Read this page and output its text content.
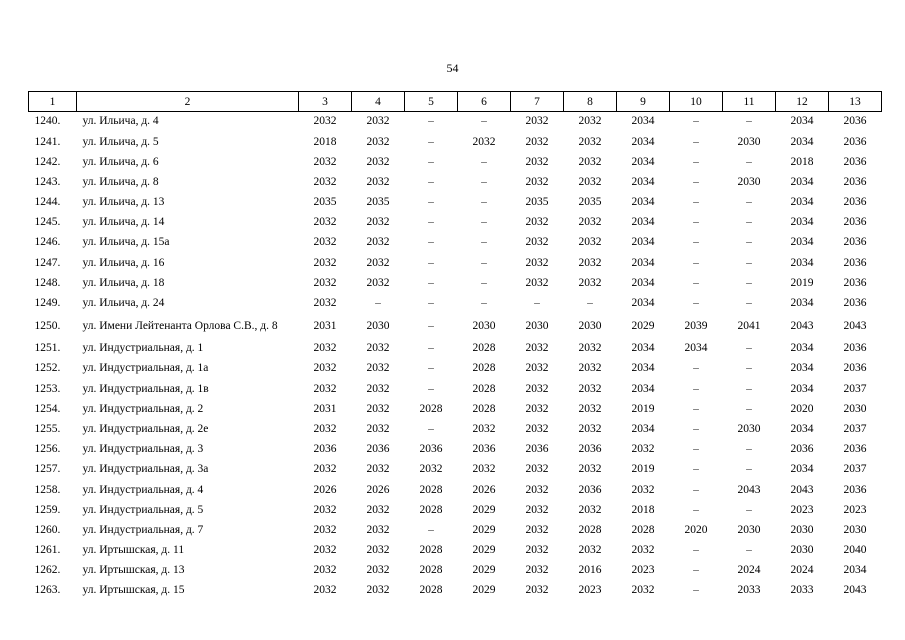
54
1	2	3	4	5	6	7	8	9	10	11	12	13
1240.	ул. Ильича, д. 4	2032	2032	–	–	2032	2032	2034	–	–	2034	2036
1241.	ул. Ильича, д. 5	2018	2032	–	2032	2032	2032	2034	–	2030	2034	2036
1242.	ул. Ильича, д. 6	2032	2032	–	–	2032	2032	2034	–	–	2018	2036
1243.	ул. Ильича, д. 8	2032	2032	–	–	2032	2032	2034	–	2030	2034	2036
1244.	ул. Ильича, д. 13	2035	2035	–	–	2035	2035	2034	–	–	2034	2036
1245.	ул. Ильича, д. 14	2032	2032	–	–	2032	2032	2034	–	–	2034	2036
1246.	ул. Ильича, д. 15а	2032	2032	–	–	2032	2032	2034	–	–	2034	2036
1247.	ул. Ильича, д. 16	2032	2032	–	–	2032	2032	2034	–	–	2034	2036
1248.	ул. Ильича, д. 18	2032	2032	–	–	2032	2032	2034	–	–	2019	2036
1249.	ул. Ильича, д. 24	2032	–	–	–	–	–	2034	–	–	2034	2036
1250.	ул. Имени Лейтенанта Орлова С.В., д. 8	2031	2030	–	2030	2030	2030	2029	2039	2041	2043	2043
1251.	ул. Индустриальная, д. 1	2032	2032	–	2028	2032	2032	2034	2034	–	2034	2036
1252.	ул. Индустриальная, д. 1а	2032	2032	–	2028	2032	2032	2034	–	–	2034	2036
1253.	ул. Индустриальная, д. 1в	2032	2032	–	2028	2032	2032	2034	–	–	2034	2037
1254.	ул. Индустриальная, д. 2	2031	2032	2028	2028	2032	2032	2019	–	–	2020	2030
1255.	ул. Индустриальная, д. 2е	2032	2032	–	2032	2032	2032	2034	–	2030	2034	2037
1256.	ул. Индустриальная, д. 3	2036	2036	2036	2036	2036	2036	2032	–	–	2036	2036
1257.	ул. Индустриальная, д. 3а	2032	2032	2032	2032	2032	2032	2019	–	–	2034	2037
1258.	ул. Индустриальная, д. 4	2026	2026	2028	2026	2032	2036	2032	–	2043	2043	2036
1259.	ул. Индустриальная, д. 5	2032	2032	2028	2029	2032	2032	2018	–	–	2023	2023
1260.	ул. Индустриальная, д. 7	2032	2032	–	2029	2032	2028	2028	2020	2030	2030	2030
1261.	ул. Иртышская, д. 11	2032	2032	2028	2029	2032	2032	2032	–	–	2030	2040
1262.	ул. Иртышская, д. 13	2032	2032	2028	2029	2032	2016	2023	–	2024	2024	2034
1263.	ул. Иртышская, д. 15	2032	2032	2028	2029	2032	2023	2032	–	2033	2033	2043
